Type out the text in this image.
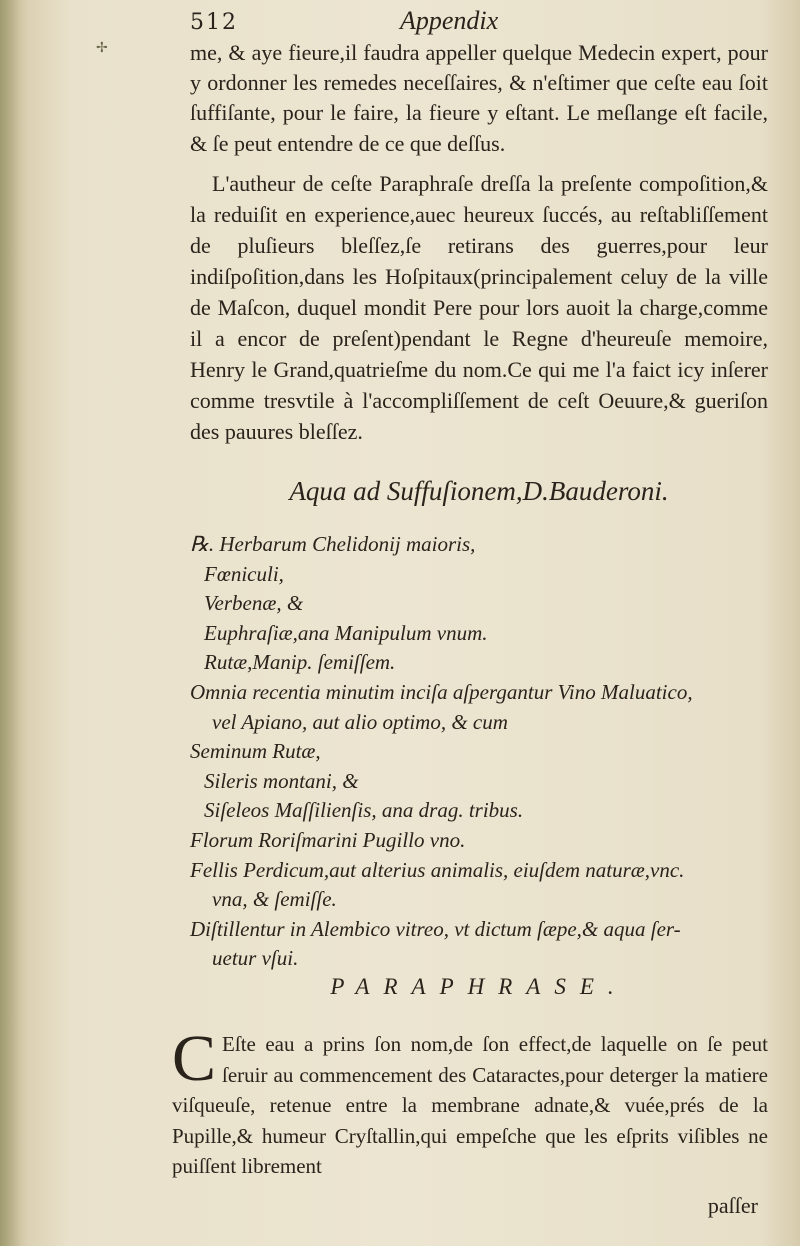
✢
512	Appendix

me, & aye fieure,il faudra appeller quelque Medecin expert, pour y ordonner les remedes neceſſaires, & n'eſtimer que ceſte eau ſoit ſuffiſante, pour le faire, la fieure y eſtant. Le meſlange eſt facile, & ſe peut entendre de ce que deſſus.

L'autheur de ceſte Paraphraſe dreſſa la preſente compoſition,& la reduiſit en experience,auec heureux ſuccés, au reſtabliſſement de pluſieurs bleſſez,ſe retirans des guerres,pour leur indiſpoſition,dans les Hoſpitaux(principalement celuy de la ville de Maſcon, duquel mondit Pere pour lors auoit la charge,comme il a encor de preſent)pendant le Regne d'heureuſe memoire, Henry le Grand,quatrieſme du nom.Ce qui me l'a faict icy inſerer comme tresvtile à l'accompliſſement de ceſt Oeuure,& gueriſon des pauures bleſſez.

Aqua ad Suffuſionem,D.Bauderoni.
℞. Herbarum Chelidonij maioris,
Fœniculi,
Verbenæ, &
Euphraſiæ,ana Manipulum vnum.
Rutæ,Manip. ſemiſſem.
Omnia recentia minutim inciſa aſpergantur Vino Maluatico,
vel Apiano, aut alio optimo, & cum
Seminum Rutæ,
Sileris montani, &
Siſeleos Maſſilienſis, ana drag. tribus.
Florum Roriſmarini Pugillo vno.
Fellis Perdicum,aut alterius animalis, eiuſdem naturæ,vnc.
vna, & ſemiſſe.
Diſtillentur in Alembico vitreo, vt dictum ſæpe,& aqua ſer-
uetur vſui.
PARAPHRASE.

C Eſte eau a prins ſon nom,de ſon effect,de laquelle on ſe peut ſeruir au commencement des Cataractes,pour deterger la matiere viſqueuſe, retenue entre la membrane adnate,& vuée,prés de la Pupille,& humeur Cryſtallin,qui empeſche que les eſprits viſibles ne puiſſent librement

paſſer
